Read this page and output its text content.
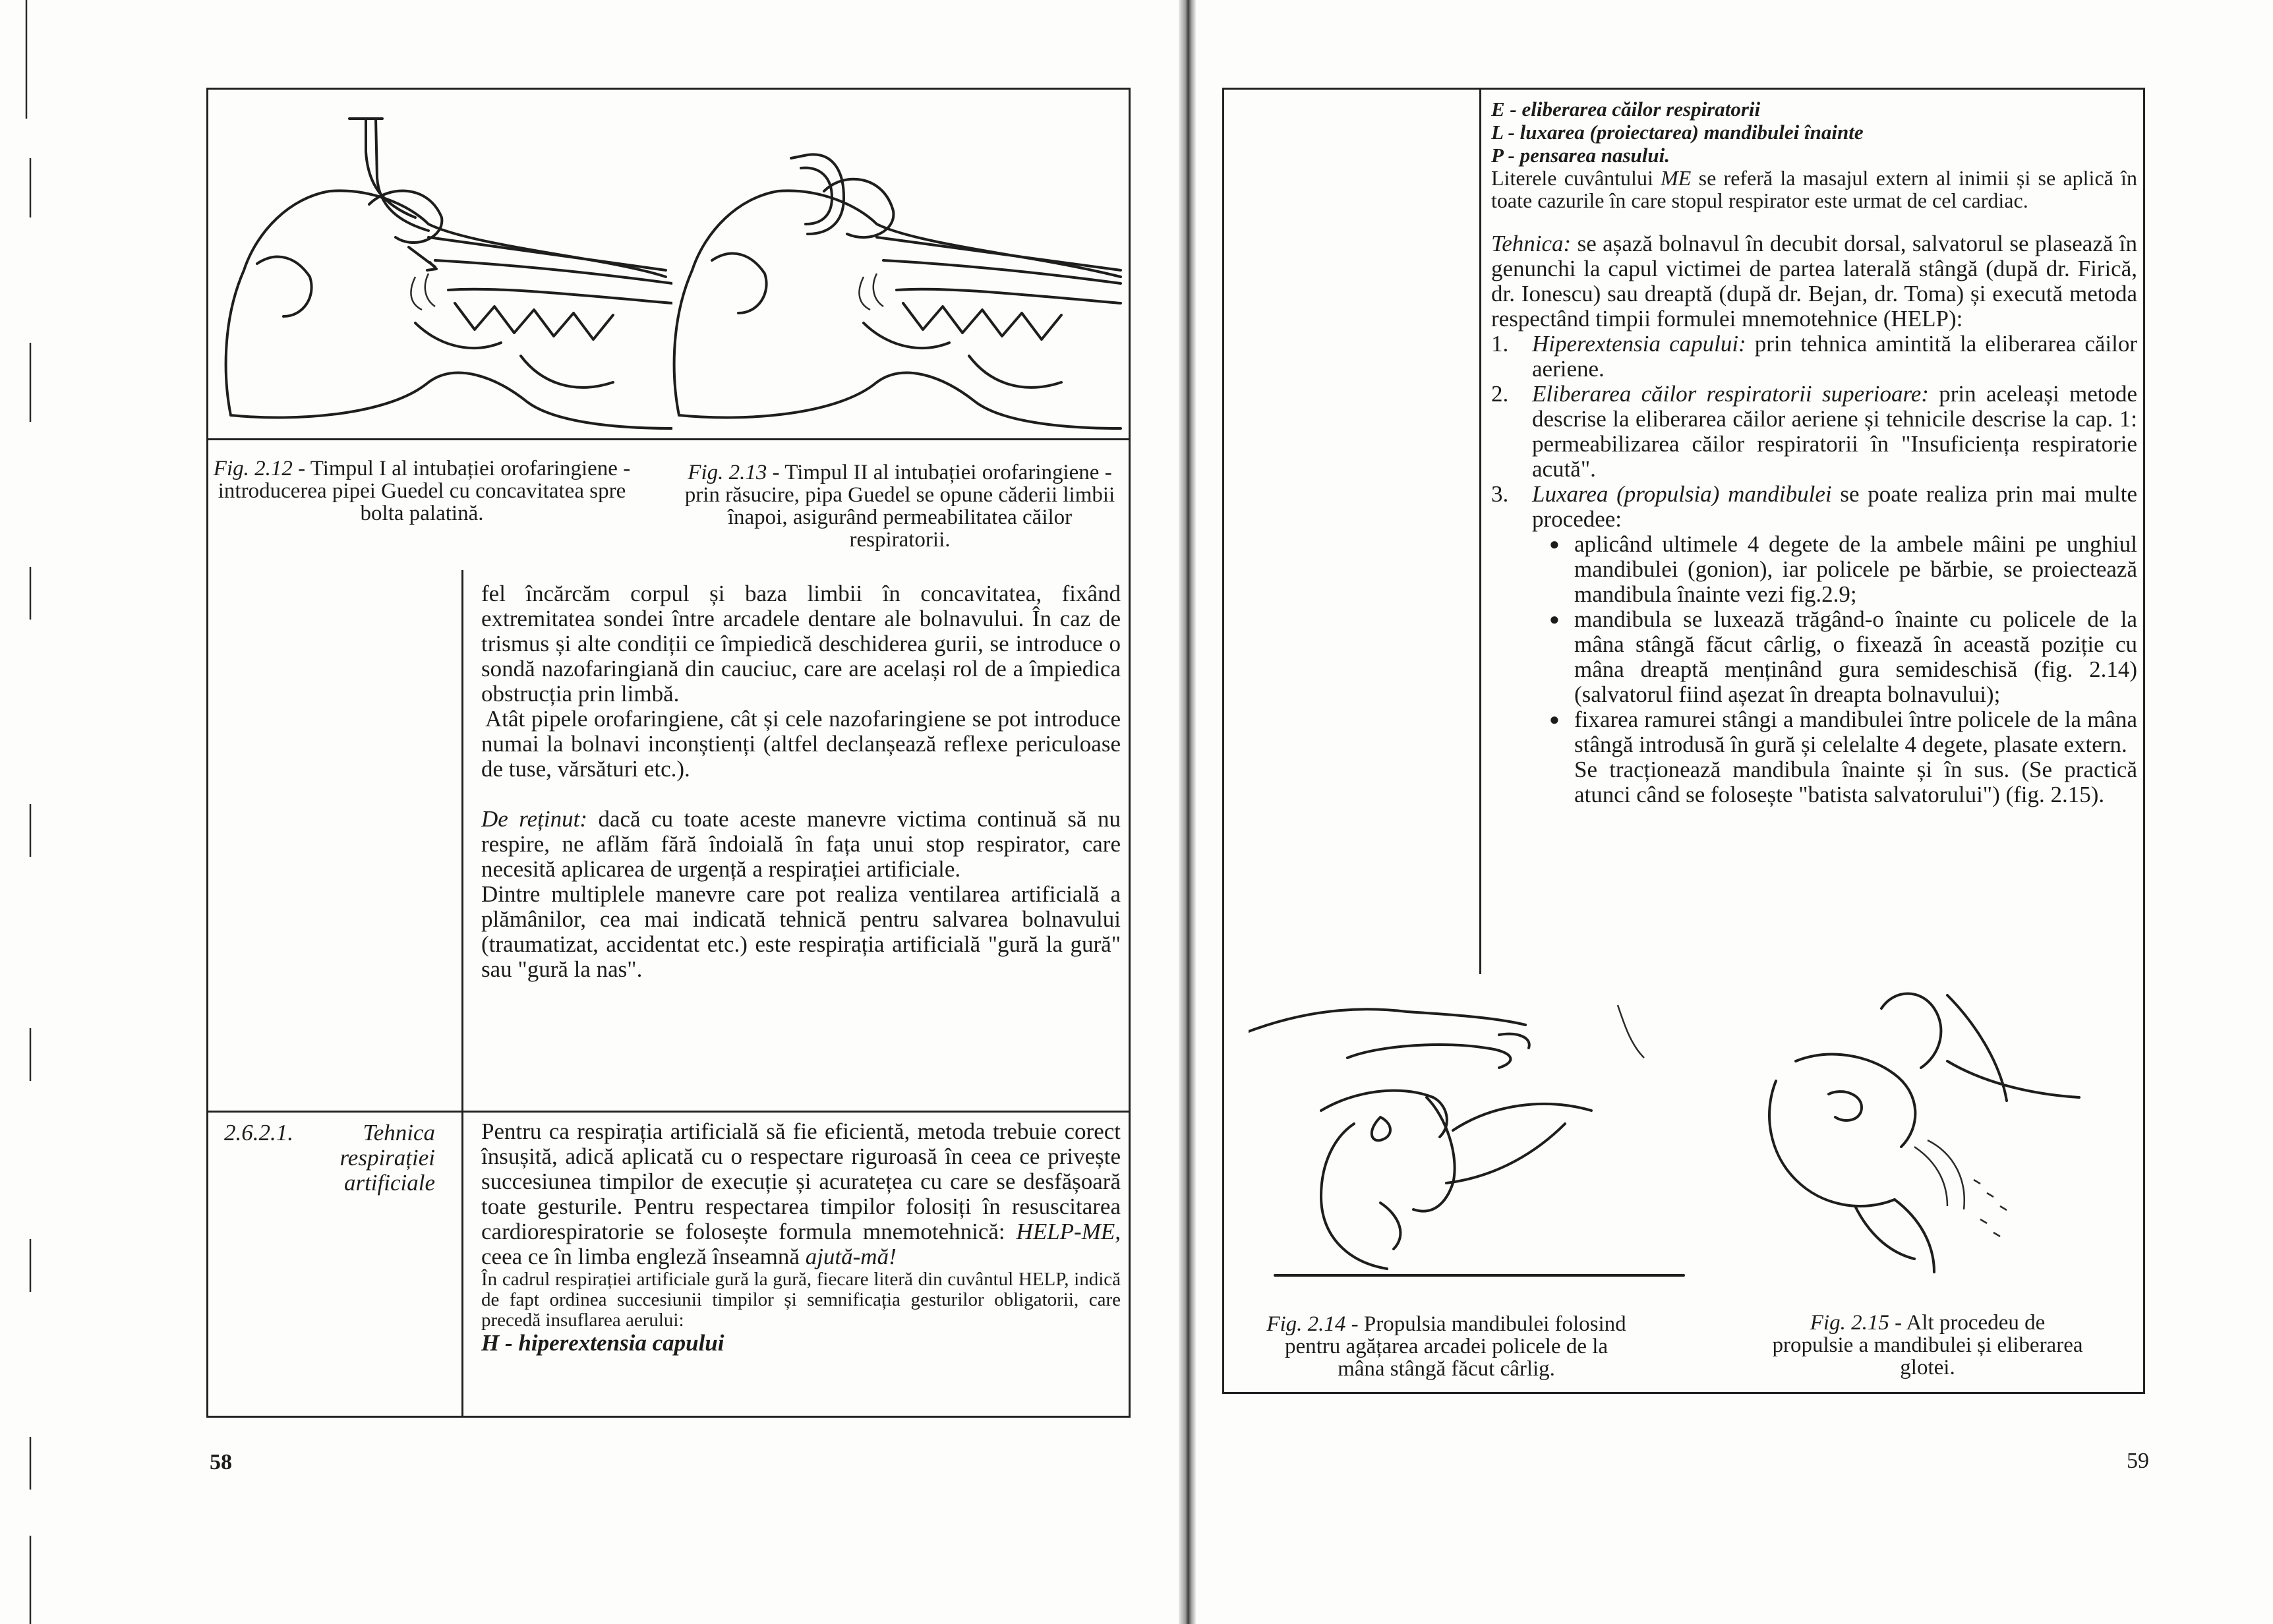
Fig. 2.12 - Timpul I al intubației orofaringiene - introducerea pipei Guedel cu concavitatea spre bolta palatină.
Fig. 2.13 - Timpul II al intubației orofaringiene - prin răsucire, pipa Guedel se opune căderii limbii înapoi, asigurând permeabilitatea căilor respiratorii.

fel încărcăm corpul și baza limbii în concavitatea, fixând extremitatea sondei între arcadele dentare ale bolnavului. În caz de trismus și alte condiții ce împiedică deschiderea gurii, se introduce o sondă nazofaringiană din cauciuc, care are același rol de a împiedica obstrucția prin limbă.

Atât pipele orofaringiene, cât și cele nazofaringiene se pot introduce numai la bolnavi inconștienți (altfel declanșează reflexe periculoase de tuse, vărsături etc.).

De reținut: dacă cu toate aceste manevre victima continuă să nu respire, ne aflăm fără îndoială în fața unui stop respirator, care necesită aplicarea de urgență a respirației artificiale.

Dintre multiplele manevre care pot realiza ventilarea artificială a plămânilor, cea mai indicată tehnică pentru salvarea bolnavului (traumatizat, accidentat etc.) este respirația artificială "gură la gură" sau "gură la nas".

2.6.2.1.	Tehnica respirației artificiale

Pentru ca respirația artificială să fie eficientă, metoda trebuie corect însușită, adică aplicată cu o respectare riguroasă în ceea ce privește succesiunea timpilor de execuție și acuratețea cu care se desfășoară toate gesturile. Pentru respectarea timpilor folosiți în resuscitarea cardiorespiratorie se folosește formula mnemotehnică: HELP-ME, ceea ce în limba engleză înseamnă ajută-mă!

În cadrul respirației artificiale gură la gură, fiecare literă din cuvântul HELP, indică de fapt ordinea succesiunii timpilor și semnificația gesturilor obligatorii, care precedă insuflarea aerului:

H - hiperextensia capului

58

E - eliberarea căilor respiratorii

L - luxarea (proiectarea) mandibulei înainte

P - pensarea nasului.

Literele cuvântului ME se referă la masajul extern al inimii și se aplică în toate cazurile în care stopul respirator este urmat de cel cardiac.

Tehnica: se așază bolnavul în decubit dorsal, salvatorul se plasează în genunchi la capul victimei de partea laterală stângă (după dr. Firică, dr. Ionescu) sau dreaptă (după dr. Bejan, dr. Toma) și execută metoda respectând timpii formulei mnemotehnice (HELP):

1. Hiperextensia capului: prin tehnica amintită la eliberarea căilor aeriene.
2. Eliberarea căilor respiratorii superioare: prin aceleași metode descrise la eliberarea căilor aeriene și tehnicile descrise la cap. 1: permeabilizarea căilor respiratorii în "Insuficiența respiratorie acută".
3. Luxarea (propulsia) mandibulei se poate realiza prin mai multe procedee:
● aplicând ultimele 4 degete de la ambele mâini pe unghiul mandibulei (gonion), iar policele pe bărbie, se proiectează mandibula înainte vezi fig.2.9;
● mandibula se luxează trăgând-o înainte cu policele de la mâna stângă făcut cârlig, o fixează în această poziție cu mâna dreaptă menținând gura semideschisă (fig. 2.14) (salvatorul fiind așezat în dreapta bolnavului);
● fixarea ramurei stângi a mandibulei între policele de la mâna stângă introdusă în gură și celelalte 4 degete, plasate extern.

Se tracționează mandibula înainte și în sus. (Se practică atunci când se folosește "batista salvatorului") (fig. 2.15).

Fig. 2.14 - Propulsia mandibulei folosind pentru agățarea arcadei policele de la mâna stângă făcut cârlig.
Fig. 2.15 - Alt procedeu de propulsie a mandibulei și eliberarea glotei.
59
